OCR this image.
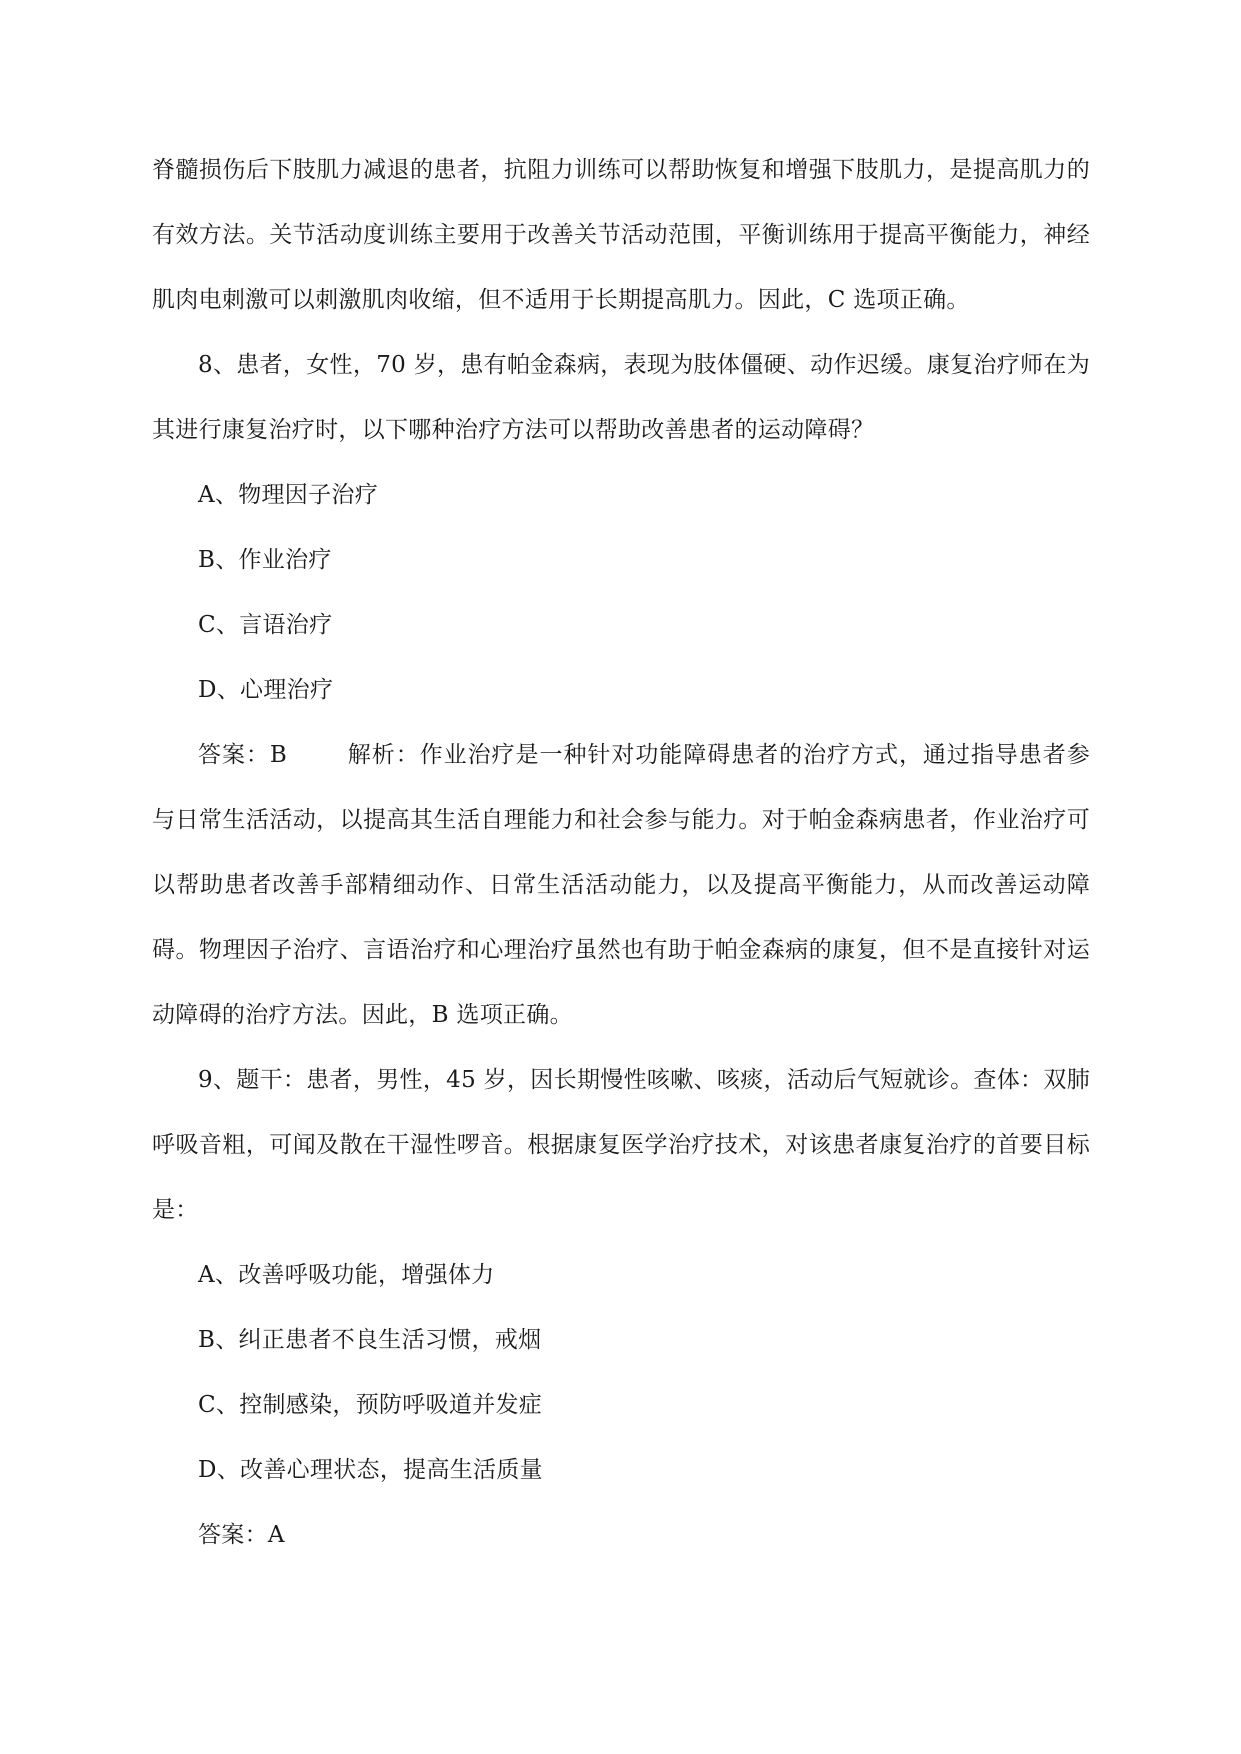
脊髓损伤后下肢肌力减退的患者，抗阻力训练可以帮助恢复和增强下肢肌力，是提高肌力的有效方法。关节活动度训练主要用于改善关节活动范围，平衡训练用于提高平衡能力，神经肌肉电刺激可以刺激肌肉收缩，但不适用于长期提高肌力。因此，C 选项正确。

8、患者，女性，70 岁，患有帕金森病，表现为肢体僵硬、动作迟缓。康复治疗师在为其进行康复治疗时，以下哪种治疗方法可以帮助改善患者的运动障碍？

A、物理因子治疗

B、作业治疗

C、言语治疗

D、心理治疗

答案：B	解析：作业治疗是一种针对功能障碍患者的治疗方式，通过指导患者参与日常生活活动，以提高其生活自理能力和社会参与能力。对于帕金森病患者，作业治疗可以帮助患者改善手部精细动作、日常生活活动能力，以及提高平衡能力，从而改善运动障碍。物理因子治疗、言语治疗和心理治疗虽然也有助于帕金森病的康复，但不是直接针对运动障碍的治疗方法。因此，B 选项正确。

9、题干：患者，男性，45 岁，因长期慢性咳嗽、咳痰，活动后气短就诊。查体：双肺呼吸音粗，可闻及散在干湿性啰音。根据康复医学治疗技术，对该患者康复治疗的首要目标是：

A、改善呼吸功能，增强体力

B、纠正患者不良生活习惯，戒烟

C、控制感染，预防呼吸道并发症

D、改善心理状态，提高生活质量

答案：A
